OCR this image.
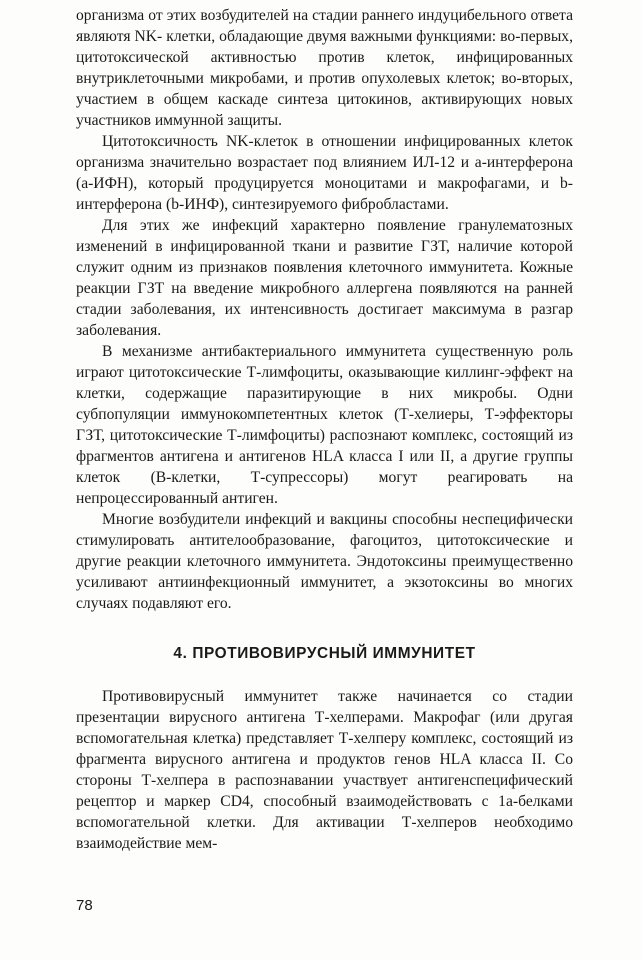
организма от этих возбудителей на стадии раннего индуцибельного ответа являютя NK- клетки, обладающие двумя важными функциями: во-первых, цитотоксической активностью против клеток, инфицированных внутриклеточными микробами, и против опухолевых клеток; во-вторых, участием в общем каскаде синтеза цитокинов, активирующих новых участников иммунной защиты.

Цитотоксичность NK-клеток в отношении инфицированных клеток организма значительно возрастает под влиянием ИЛ-12 и а-интерферона (а-ИФН), который продуцируется моноцитами и макрофагами, и b-интерферона (b-ИНФ), синтезируемого фибробластами.

Для этих же инфекций характерно появление гранулематозных изменений в инфицированной ткани и развитие ГЗТ, наличие которой служит одним из признаков появления клеточного иммунитета. Кожные реакции ГЗТ на введение микробного аллергена появляются на ранней стадии заболевания, их интенсивность достигает максимума в разгар заболевания.

В механизме антибактериального иммунитета существенную роль играют цитотоксические Т-лимфоциты, оказывающие киллинг-эффект на клетки, содержащие паразитирующие в них микробы. Одни субпопуляции иммунокомпетентных клеток (Т-хелиеры, Т-эффекторы ГЗТ, цитотоксические Т-лимфоциты) распознают комплекс, состоящий из фрагментов антигена и антигенов HLA класса I или II, а другие группы клеток (В-клетки, Т-супрессоры) могут реагировать на непроцессированный антиген.

Многие возбудители инфекций и вакцины способны неспецифически стимулировать антителообразование, фагоцитоз, цитотоксические и другие реакции клеточного иммунитета. Эндотоксины преимущественно усиливают антиинфекционный иммунитет, а экзотоксины во многих случаях подавляют его.

4. ПРОТИВОВИРУСНЫЙ ИММУНИТЕТ

Противовирусный иммунитет также начинается со стадии презентации вирусного антигена Т-хелперами. Макрофаг (или другая вспомогательная клетка) представляет Т-хелперу комплекс, состоящий из фрагмента вирусного антигена и продуктов генов HLA класса II. Со стороны Т-хелпера в распознавании участвует антигенспецифический рецептор и маркер CD4, способный взаимодействовать с 1а-белками вспомогательной клетки. Для активации Т-хелперов необходимо взаимодействие мем-

78
